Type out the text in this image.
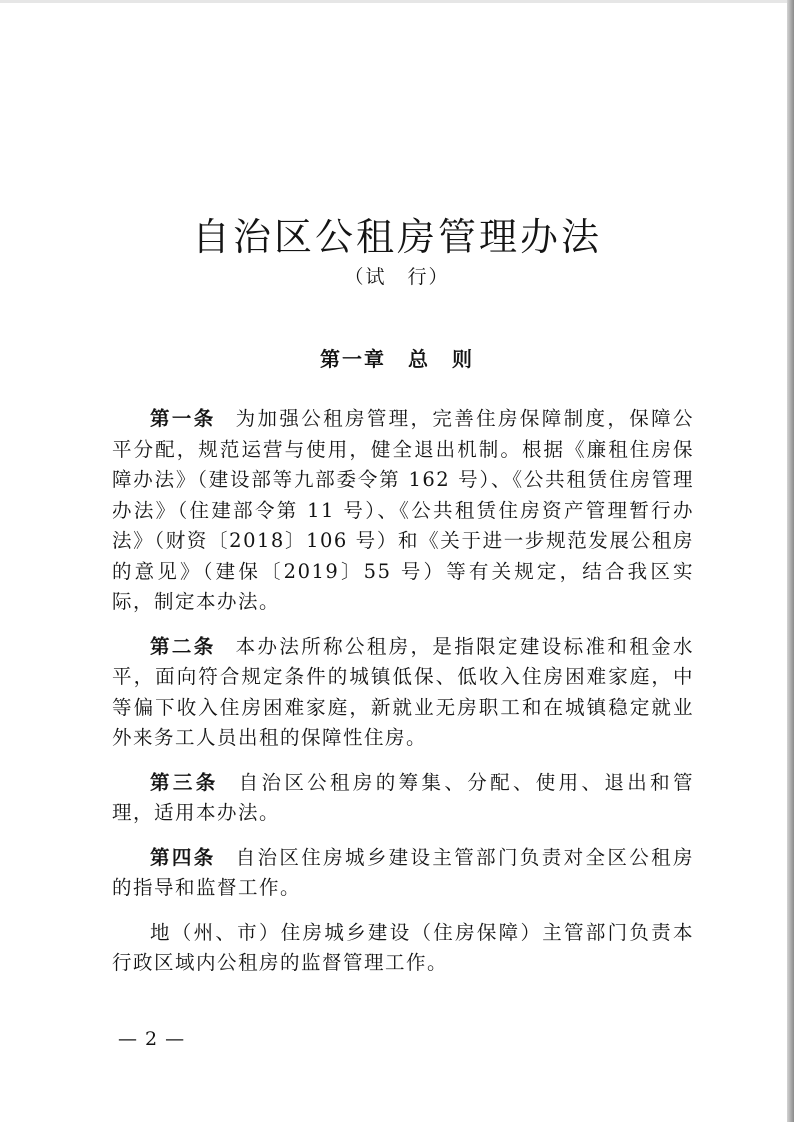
自治区公租房管理办法
（试　行）
第一章　总　则

第一条 为加强公租房管理，完善住房保障制度，保障公平分配，规范运营与使用，健全退出机制。根据《廉租住房保障办法》（建设部等九部委令第 162 号）、《公共租赁住房管理办法》（住建部令第 11 号）、《公共租赁住房资产管理暂行办法》（财资〔2018〕106 号）和《关于进一步规范发展公租房的意见》（建保〔2019〕55 号）等有关规定，结合我区实际，制定本办法。

第二条 本办法所称公租房，是指限定建设标准和租金水平，面向符合规定条件的城镇低保、低收入住房困难家庭，中等偏下收入住房困难家庭，新就业无房职工和在城镇稳定就业外来务工人员出租的保障性住房。

第三条 自治区公租房的筹集、分配、使用、退出和管理，适用本办法。

第四条 自治区住房城乡建设主管部门负责对全区公租房的指导和监督工作。

地（州、市）住房城乡建设（住房保障）主管部门负责本行政区域内公租房的监督管理工作。

— 2 —
